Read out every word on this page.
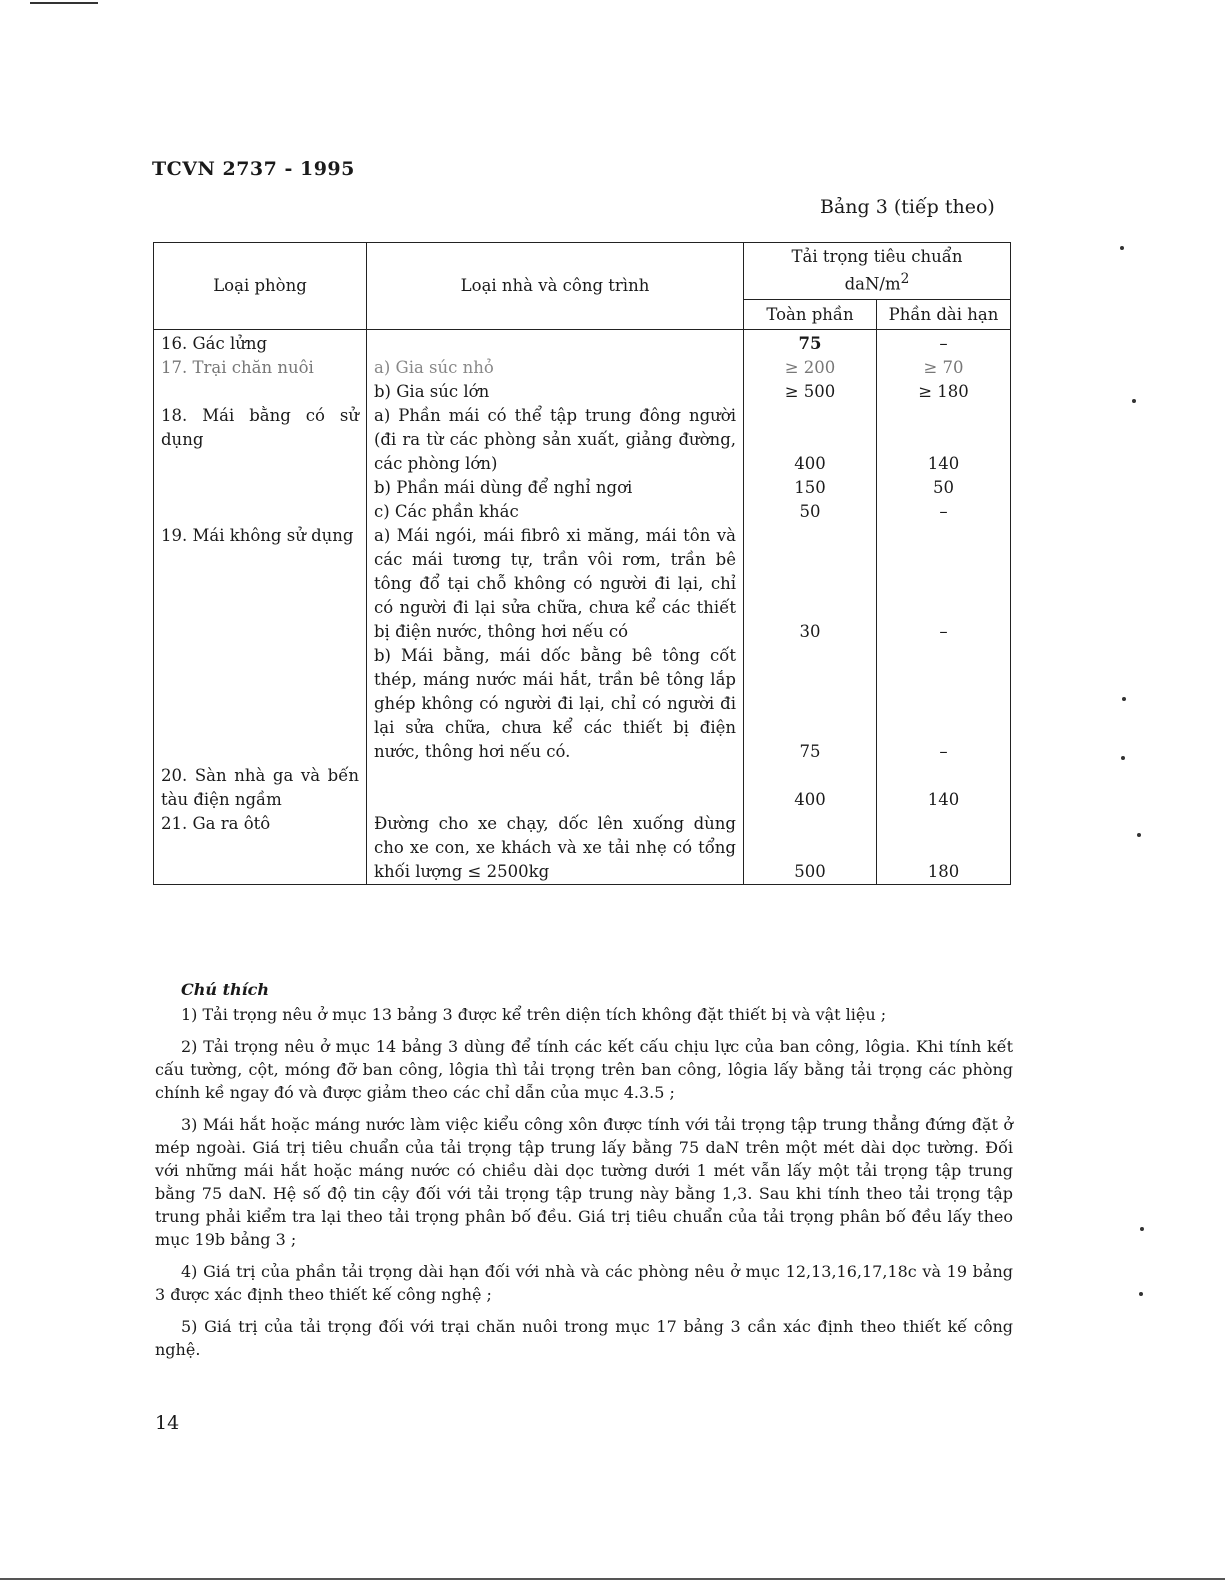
TCVN 2737 - 1995
Bảng 3 (tiếp theo)
Loại phòng	Loại nhà và công trình	Tải trọng tiêu chuẩn
daN/$m^2$

		Toàn phần	Phần dài hạn
16. Gác lửng		75	–
17. Trại chăn nuôi	a) Gia súc nhỏ	≥ 200	≥ 70
	b) Gia súc lớn	≥ 500	≥ 180
18. Mái bằng có sử dụng	a) Phần mái có thể tập trung đông người (đi ra từ các phòng sản xuất, giảng đường, các phòng lớn)	400	140
	b) Phần mái dùng để nghỉ ngơi	150	50
	c) Các phần khác	50	–
19. Mái không sử dụng	a) Mái ngói, mái fibrô xi măng, mái tôn và các mái tương tự, trần vôi rơm, trần bê tông đổ tại chỗ không có người đi lại, chỉ có người đi lại sửa chữa, chưa kể các thiết bị điện nước, thông hơi nếu có	30	–
	b) Mái bằng, mái dốc bằng bê tông cốt thép, máng nước mái hắt, trần bê tông lắp ghép không có người đi lại, chỉ có người đi lại sửa chữa, chưa kể các thiết bị điện nước, thông hơi nếu có.	75	–
20. Sàn nhà ga và bến tàu điện ngầm		400	140
21. Ga ra ôtô	Đường cho xe chạy, dốc lên xuống dùng cho xe con, xe khách và xe tải nhẹ có tổng khối lượng ≤ 2500kg	500	180
Chú thích

1) Tải trọng nêu ở mục 13 bảng 3 được kể trên diện tích không đặt thiết bị và vật liệu ;

2) Tải trọng nêu ở mục 14 bảng 3 dùng để tính các kết cấu chịu lực của ban công, lôgia. Khi tính kết cấu tường, cột, móng đỡ ban công, lôgia thì tải trọng trên ban công, lôgia lấy bằng tải trọng các phòng chính kề ngay đó và được giảm theo các chỉ dẫn của mục 4.3.5 ;

3) Mái hắt hoặc máng nước làm việc kiểu công xôn được tính với tải trọng tập trung thẳng đứng đặt ở mép ngoài. Giá trị tiêu chuẩn của tải trọng tập trung lấy bằng 75 daN trên một mét dài dọc tường. Đối với những mái hắt hoặc máng nước có chiều dài dọc tường dưới 1 mét vẫn lấy một tải trọng tập trung bằng 75 daN. Hệ số độ tin cậy đối với tải trọng tập trung này bằng 1,3. Sau khi tính theo tải trọng tập trung phải kiểm tra lại theo tải trọng phân bố đều. Giá trị tiêu chuẩn của tải trọng phân bố đều lấy theo mục 19b bảng 3 ;

4) Giá trị của phần tải trọng dài hạn đối với nhà và các phòng nêu ở mục 12,13,16,17,18c và 19 bảng 3 được xác định theo thiết kế công nghệ ;

5) Giá trị của tải trọng đối với trại chăn nuôi trong mục 17 bảng 3 cần xác định theo thiết kế công nghệ.

14
